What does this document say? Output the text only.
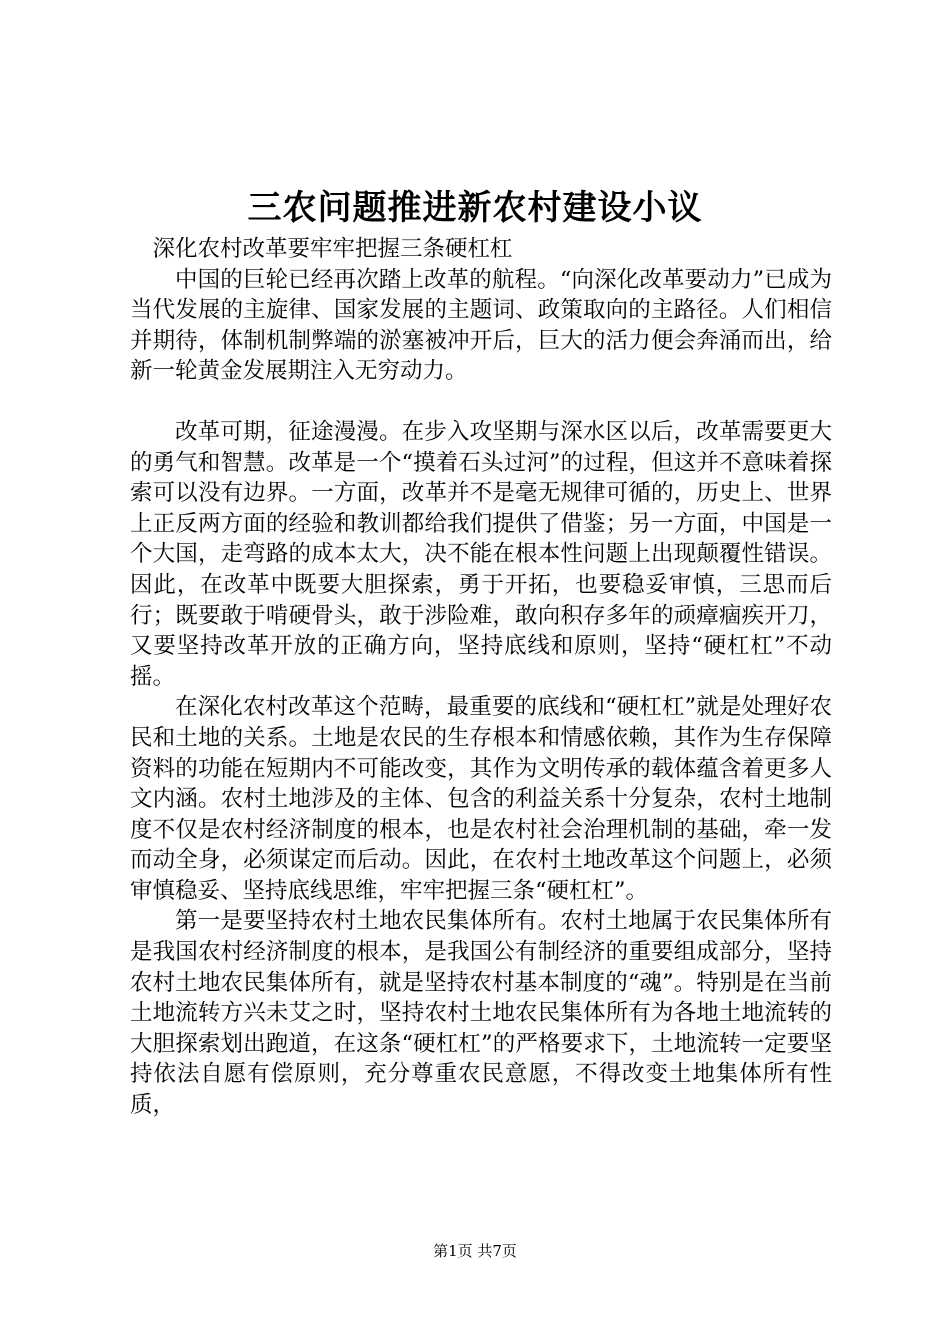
三农问题推进新农村建设小议

深化农村改革要牢牢把握三条硬杠杠

中国的巨轮已经再次踏上改革的航程。“向深化改革要动力”已成为当代发展的主旋律、国家发展的主题词、政策取向的主路径。人们相信并期待，体制机制弊端的淤塞被冲开后，巨大的活力便会奔涌而出，给新一轮黄金发展期注入无穷动力。

改革可期，征途漫漫。在步入攻坚期与深水区以后，改革需要更大的勇气和智慧。改革是一个“摸着石头过河”的过程，但这并不意味着探索可以没有边界。一方面，改革并不是毫无规律可循的，历史上、世界上正反两方面的经验和教训都给我们提供了借鉴；另一方面，中国是一个大国，走弯路的成本太大，决不能在根本性问题上出现颠覆性错误。因此，在改革中既要大胆探索，勇于开拓，也要稳妥审慎，三思而后行；既要敢于啃硬骨头，敢于涉险难，敢向积存多年的顽瘴痼疾开刀，又要坚持改革开放的正确方向，坚持底线和原则，坚持“硬杠杠”不动摇。

在深化农村改革这个范畴，最重要的底线和“硬杠杠”就是处理好农民和土地的关系。土地是农民的生存根本和情感依赖，其作为生存保障资料的功能在短期内不可能改变，其作为文明传承的载体蕴含着更多人文内涵。农村土地涉及的主体、包含的利益关系十分复杂，农村土地制度不仅是农村经济制度的根本，也是农村社会治理机制的基础，牵一发而动全身，必须谋定而后动。因此，在农村土地改革这个问题上，必须审慎稳妥、坚持底线思维，牢牢把握三条“硬杠杠”。

第一是要坚持农村土地农民集体所有。农村土地属于农民集体所有是我国农村经济制度的根本，是我国公有制经济的重要组成部分，坚持农村土地农民集体所有，就是坚持农村基本制度的“魂”。特别是在当前土地流转方兴未艾之时，坚持农村土地农民集体所有为各地土地流转的大胆探索划出跑道，在这条“硬杠杠”的严格要求下，土地流转一定要坚持依法自愿有偿原则，充分尊重农民意愿，不得改变土地集体所有性质，

第1页 共7页
